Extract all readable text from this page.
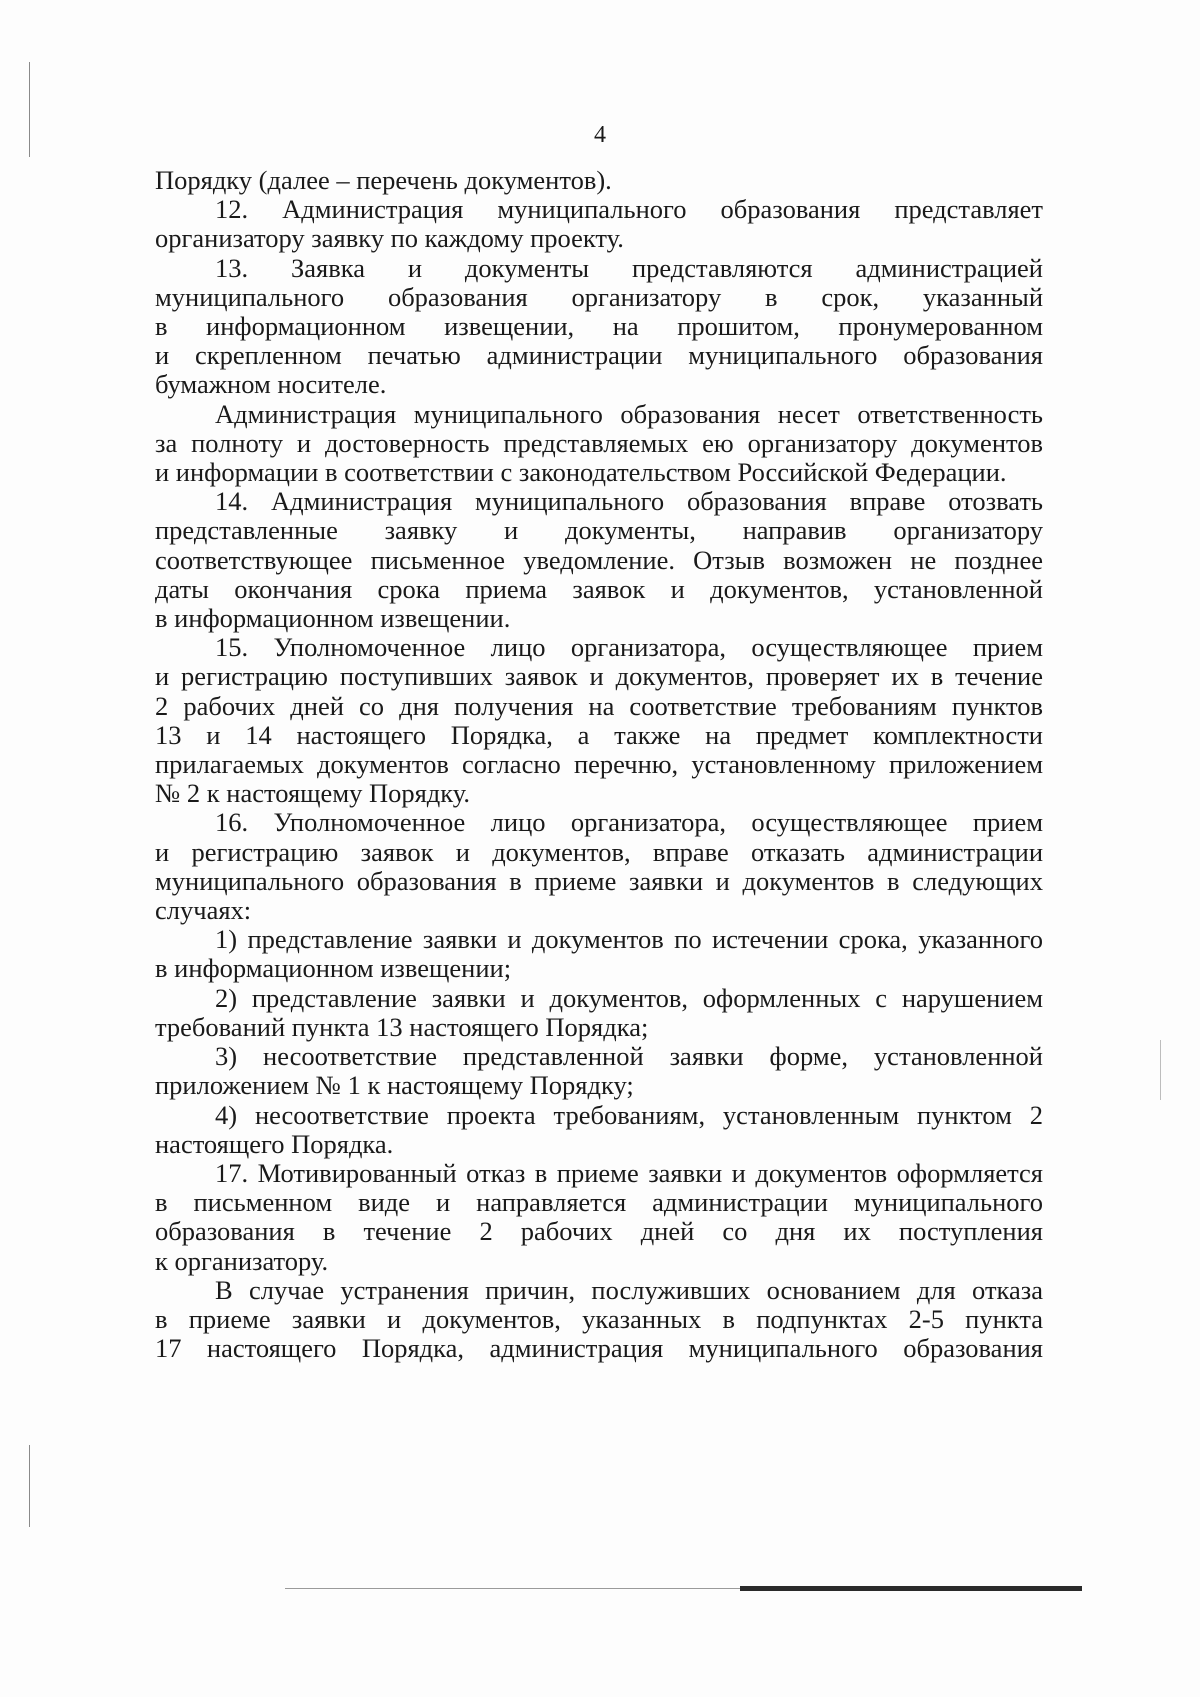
4
Порядку (далее – перечень документов).
12. Администрация муниципального образования представляет
организатору заявку по каждому проекту.
13. Заявка и документы представляются администрацией
муниципального образования организатору в срок, указанный
в информационном извещении, на прошитом, пронумерованном
и скрепленном печатью администрации муниципального образования
бумажном носителе.
Администрация муниципального образования несет ответственность
за полноту и достоверность представляемых ею организатору документов
и информации в соответствии с законодательством Российской Федерации.
14. Администрация муниципального образования вправе отозвать
представленные заявку и документы, направив организатору
соответствующее письменное уведомление. Отзыв возможен не позднее
даты окончания срока приема заявок и документов, установленной
в информационном извещении.
15. Уполномоченное лицо организатора, осуществляющее прием
и регистрацию поступивших заявок и документов, проверяет их в течение
2 рабочих дней со дня получения на соответствие требованиям пунктов
13 и 14 настоящего Порядка, а также на предмет комплектности
прилагаемых документов согласно перечню, установленному приложением
№ 2 к настоящему Порядку.
16. Уполномоченное лицо организатора, осуществляющее прием
и регистрацию заявок и документов, вправе отказать администрации
муниципального образования в приеме заявки и документов в следующих
случаях:
1) представление заявки и документов по истечении срока, указанного
в информационном извещении;
2) представление заявки и документов, оформленных с нарушением
требований пункта 13 настоящего Порядка;
3) несоответствие представленной заявки форме, установленной
приложением № 1 к настоящему Порядку;
4) несоответствие проекта требованиям, установленным пунктом 2
настоящего Порядка.
17. Мотивированный отказ в приеме заявки и документов оформляется
в письменном виде и направляется администрации муниципального
образования в течение 2 рабочих дней со дня их поступления
к организатору.
В случае устранения причин, послуживших основанием для отказа
в приеме заявки и документов, указанных в подпунктах 2-5 пункта
17 настоящего Порядка, администрация муниципального образования
